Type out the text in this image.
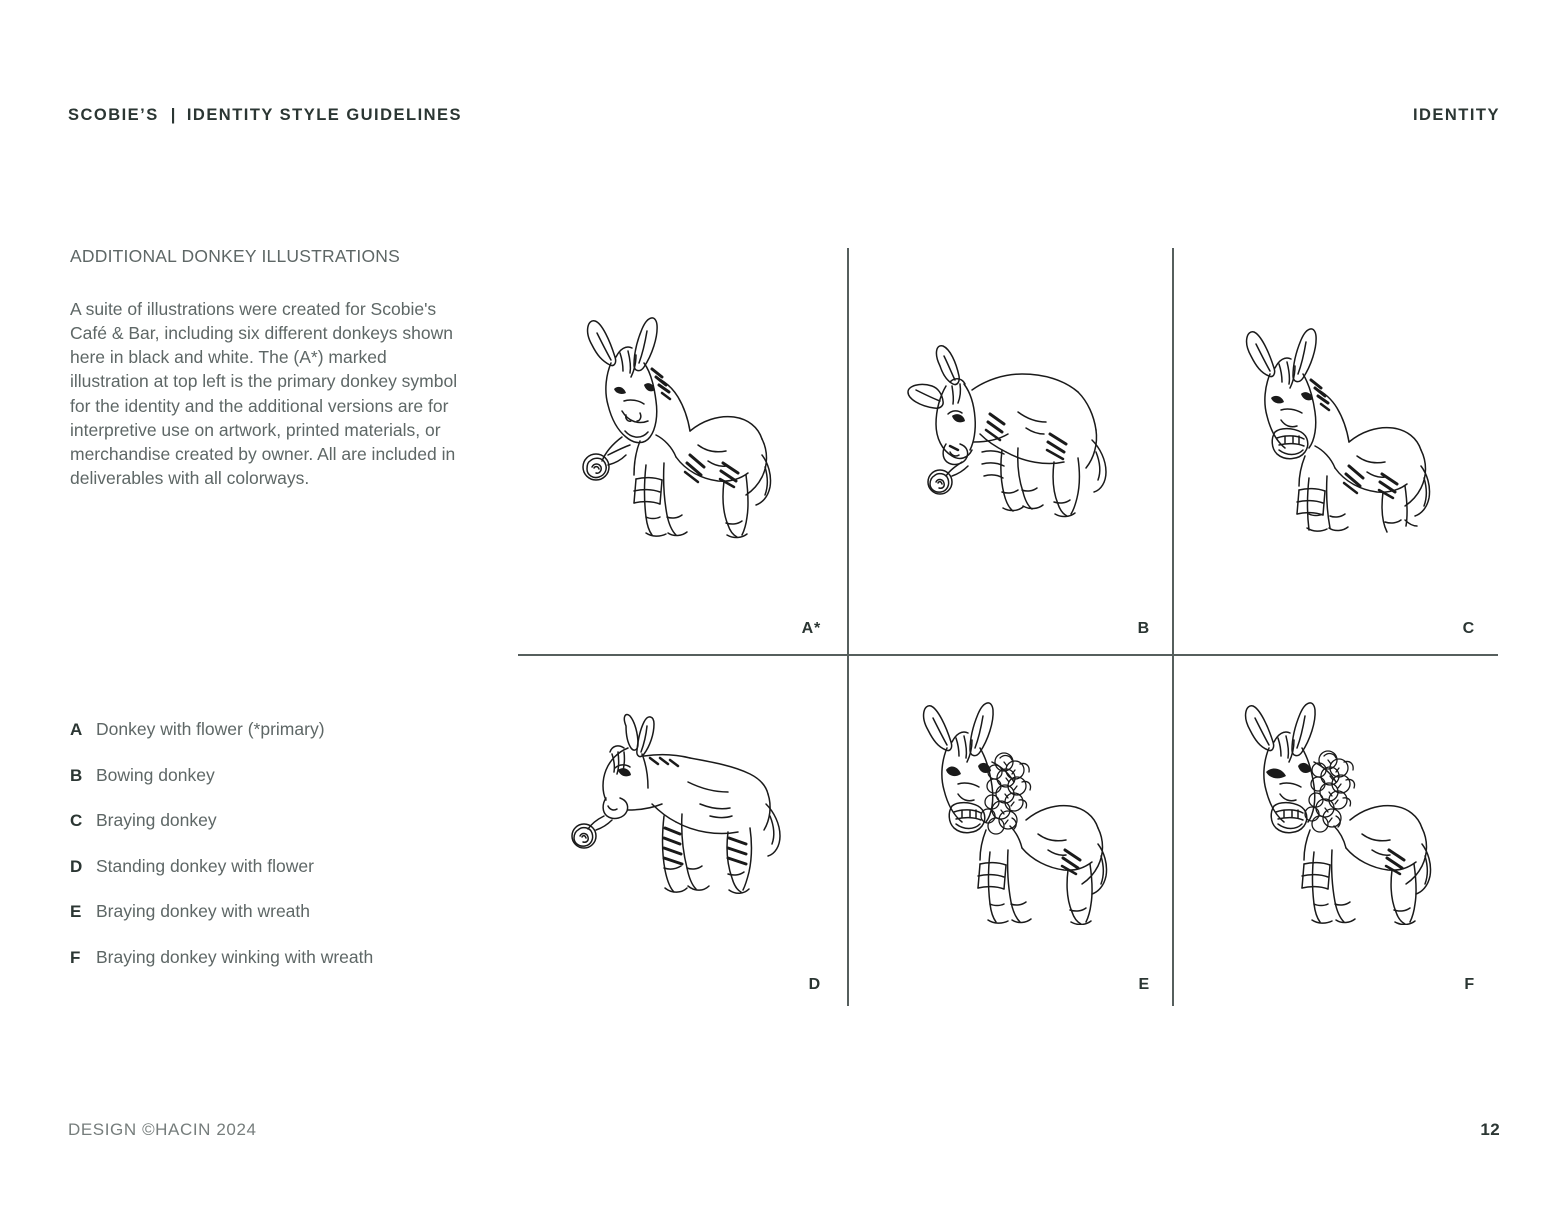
SCOBIE’S | IDENTITY STYLE GUIDELINES	IDENTITY
ADDITIONAL DONKEY ILLUSTRATIONS

A suite of illustrations were created for Scobie's Café & Bar, including six different donkeys shown here in black and white. The (A*) marked illustration at top left is the primary donkey symbol for the identity and the additional versions are for interpretive use on artwork, printed materials, or merchandise created by owner. All are included in deliverables with all colorways.

A Donkey with flower (*primary)
B Bowing donkey
C Braying donkey
D Standing donkey with flower
E Braying donkey with wreath
F Braying donkey winking with wreath
A*	B	C
D	E	F
DESIGN ©HACIN 2024	12
